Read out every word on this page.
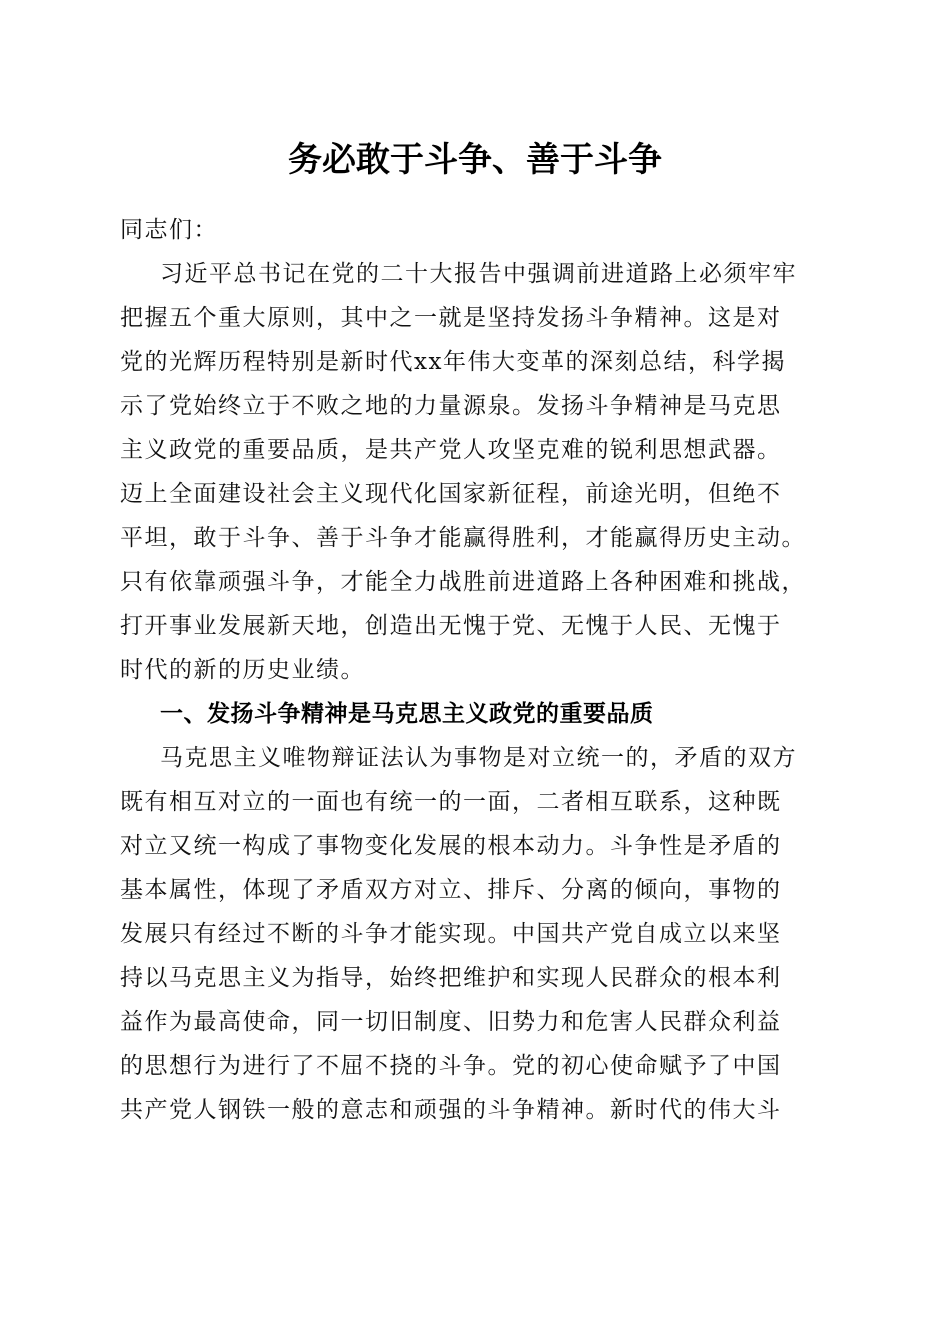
务必敢于斗争、善于斗争
同志们：
习近平总书记在党的二十大报告中强调前进道路上必须牢牢
把握五个重大原则，其中之一就是坚持发扬斗争精神。这是对
党的光辉历程特别是新时代xx年伟大变革的深刻总结，科学揭
示了党始终立于不败之地的力量源泉。发扬斗争精神是马克思
主义政党的重要品质，是共产党人攻坚克难的锐利思想武器。
迈上全面建设社会主义现代化国家新征程，前途光明，但绝不
平坦，敢于斗争、善于斗争才能赢得胜利，才能赢得历史主动。
只有依靠顽强斗争，才能全力战胜前进道路上各种困难和挑战，
打开事业发展新天地，创造出无愧于党、无愧于人民、无愧于
时代的新的历史业绩。
一、发扬斗争精神是马克思主义政党的重要品质
马克思主义唯物辩证法认为事物是对立统一的，矛盾的双方
既有相互对立的一面也有统一的一面，二者相互联系，这种既
对立又统一构成了事物变化发展的根本动力。斗争性是矛盾的
基本属性，体现了矛盾双方对立、排斥、分离的倾向，事物的
发展只有经过不断的斗争才能实现。中国共产党自成立以来坚
持以马克思主义为指导，始终把维护和实现人民群众的根本利
益作为最高使命，同一切旧制度、旧势力和危害人民群众利益
的思想行为进行了不屈不挠的斗争。党的初心使命赋予了中国
共产党人钢铁一般的意志和顽强的斗争精神。新时代的伟大斗
